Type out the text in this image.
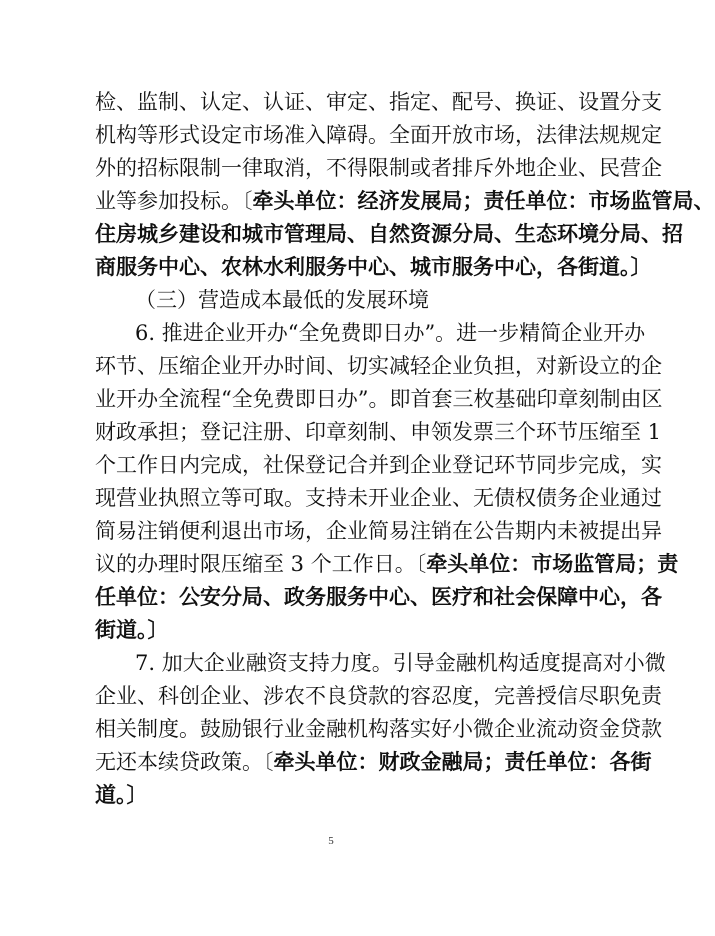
检、监制、认定、认证、审定、指定、配号、换证、设置分支
机构等形式设定市场准入障碍。全面开放市场，法律法规规定
外的招标限制一律取消，不得限制或者排斥外地企业、民营企
业等参加投标。〔牵头单位：经济发展局；责任单位：市场监管局、
住房城乡建设和城市管理局、自然资源分局、生态环境分局、招
商服务中心、农林水利服务中心、城市服务中心，各街道。〕
（三）营造成本最低的发展环境
6. 推进企业开办“全免费即日办”。进一步精简企业开办
环节、压缩企业开办时间、切实减轻企业负担，对新设立的企
业开办全流程“全免费即日办”。即首套三枚基础印章刻制由区
财政承担；登记注册、印章刻制、申领发票三个环节压缩至 1
个工作日内完成，社保登记合并到企业登记环节同步完成，实
现营业执照立等可取。支持未开业企业、无债权债务企业通过
简易注销便利退出市场，企业简易注销在公告期内未被提出异
议的办理时限压缩至 3 个工作日。〔牵头单位：市场监管局；责
任单位：公安分局、政务服务中心、医疗和社会保障中心，各
街道。〕
7. 加大企业融资支持力度。引导金融机构适度提高对小微
企业、科创企业、涉农不良贷款的容忍度，完善授信尽职免责
相关制度。鼓励银行业金融机构落实好小微企业流动资金贷款
无还本续贷政策。〔牵头单位：财政金融局；责任单位：各街
道。〕
5
